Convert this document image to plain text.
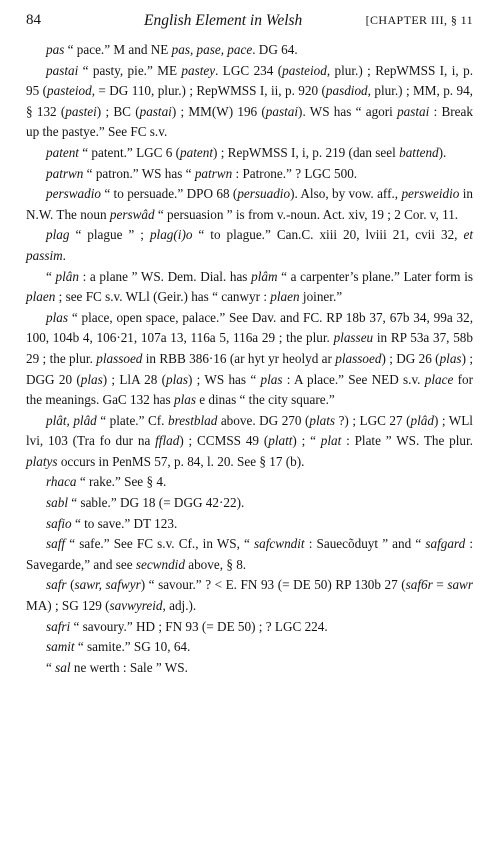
84	English Element in Welsh	[CHAPTER III, § 11

pas “ pace.” M and NE pas, pase, pace. DG 64.

pastai “ pasty, pie.” ME pastey. LGC 234 (pasteiod, plur.) ; RepWMSS I, i, p. 95 (pasteiod, = DG 110, plur.) ; RepWMSS I, ii, p. 920 (pasdiod, plur.) ; MM, p. 94, § 132 (pastei) ; BC (pastai) ; MM(W) 196 (pastai). WS has “ agori pastai : Break up the pastye.” See FC s.v.

patent “ patent.” LGC 6 (patent) ; RepWMSS I, i, p. 219 (dan seel battend).

patrwn “ patron.” WS has “ patrwn : Patrone.” ? LGC 500.

perswadio “ to persuade.” DPO 68 (persuadio). Also, by vow. aff., persweidio in N.W. The noun perswâd “ persuasion ” is from v.-noun. Act. xiv, 19 ; 2 Cor. v, 11.

plag “ plague ” ; plag(i)o “ to plague.” Can.C. xiii 20, lviii 21, cvii 32, et passim.

“ plân : a plane ” WS. Dem. Dial. has plâm “ a carpenter’s plane.” Later form is plaen ; see FC s.v. WLl (Geir.) has “ canwyr : plaen joiner.”

plas “ place, open space, palace.” See Dav. and FC. RP 18b 37, 67b 34, 99a 32, 100, 104b 4, 106·21, 107a 13, 116a 5, 116a 29 ; the plur. plasseu in RP 53a 37, 58b 29 ; the plur. plassoed in RBB 386·16 (ar hyt yr heolyd ar plassoed) ; DG 26 (plas) ; DGG 20 (plas) ; LlA 28 (plas) ; WS has “ plas : A place.” See NED s.v. place for the meanings. GaC 132 has plas e dinas “ the city square.”

plât, plâd “ plate.” Cf. brestblad above. DG 270 (plats ?) ; LGC 27 (plâd) ; WLl lvi, 103 (Tra fo dur na fflad) ; CCMSS 49 (platt) ; “ plat : Plate ” WS. The plur. platys occurs in PenMS 57, p. 84, l. 20. See § 17 (b).

rhaca “ rake.” See § 4.

sabl “ sable.” DG 18 (= DGG 42·22).

safio “ to save.” DT 123.

saff “ safe.” See FC s.v. Cf., in WS, “ safcwndit : Sauecõduyt ” and “ safgard : Savegarde,” and see secwndid above, § 8.

safr (sawr, safwyr) “ savour.” ? < E. FN 93 (= DE 50) RP 130b 27 (saf6r = sawr MA) ; SG 129 (savwyreid, adj.).

safri “ savoury.” HD ; FN 93 (= DE 50) ; ? LGC 224.

samit “ samite.” SG 10, 64.

“ sal ne werth : Sale ” WS.
